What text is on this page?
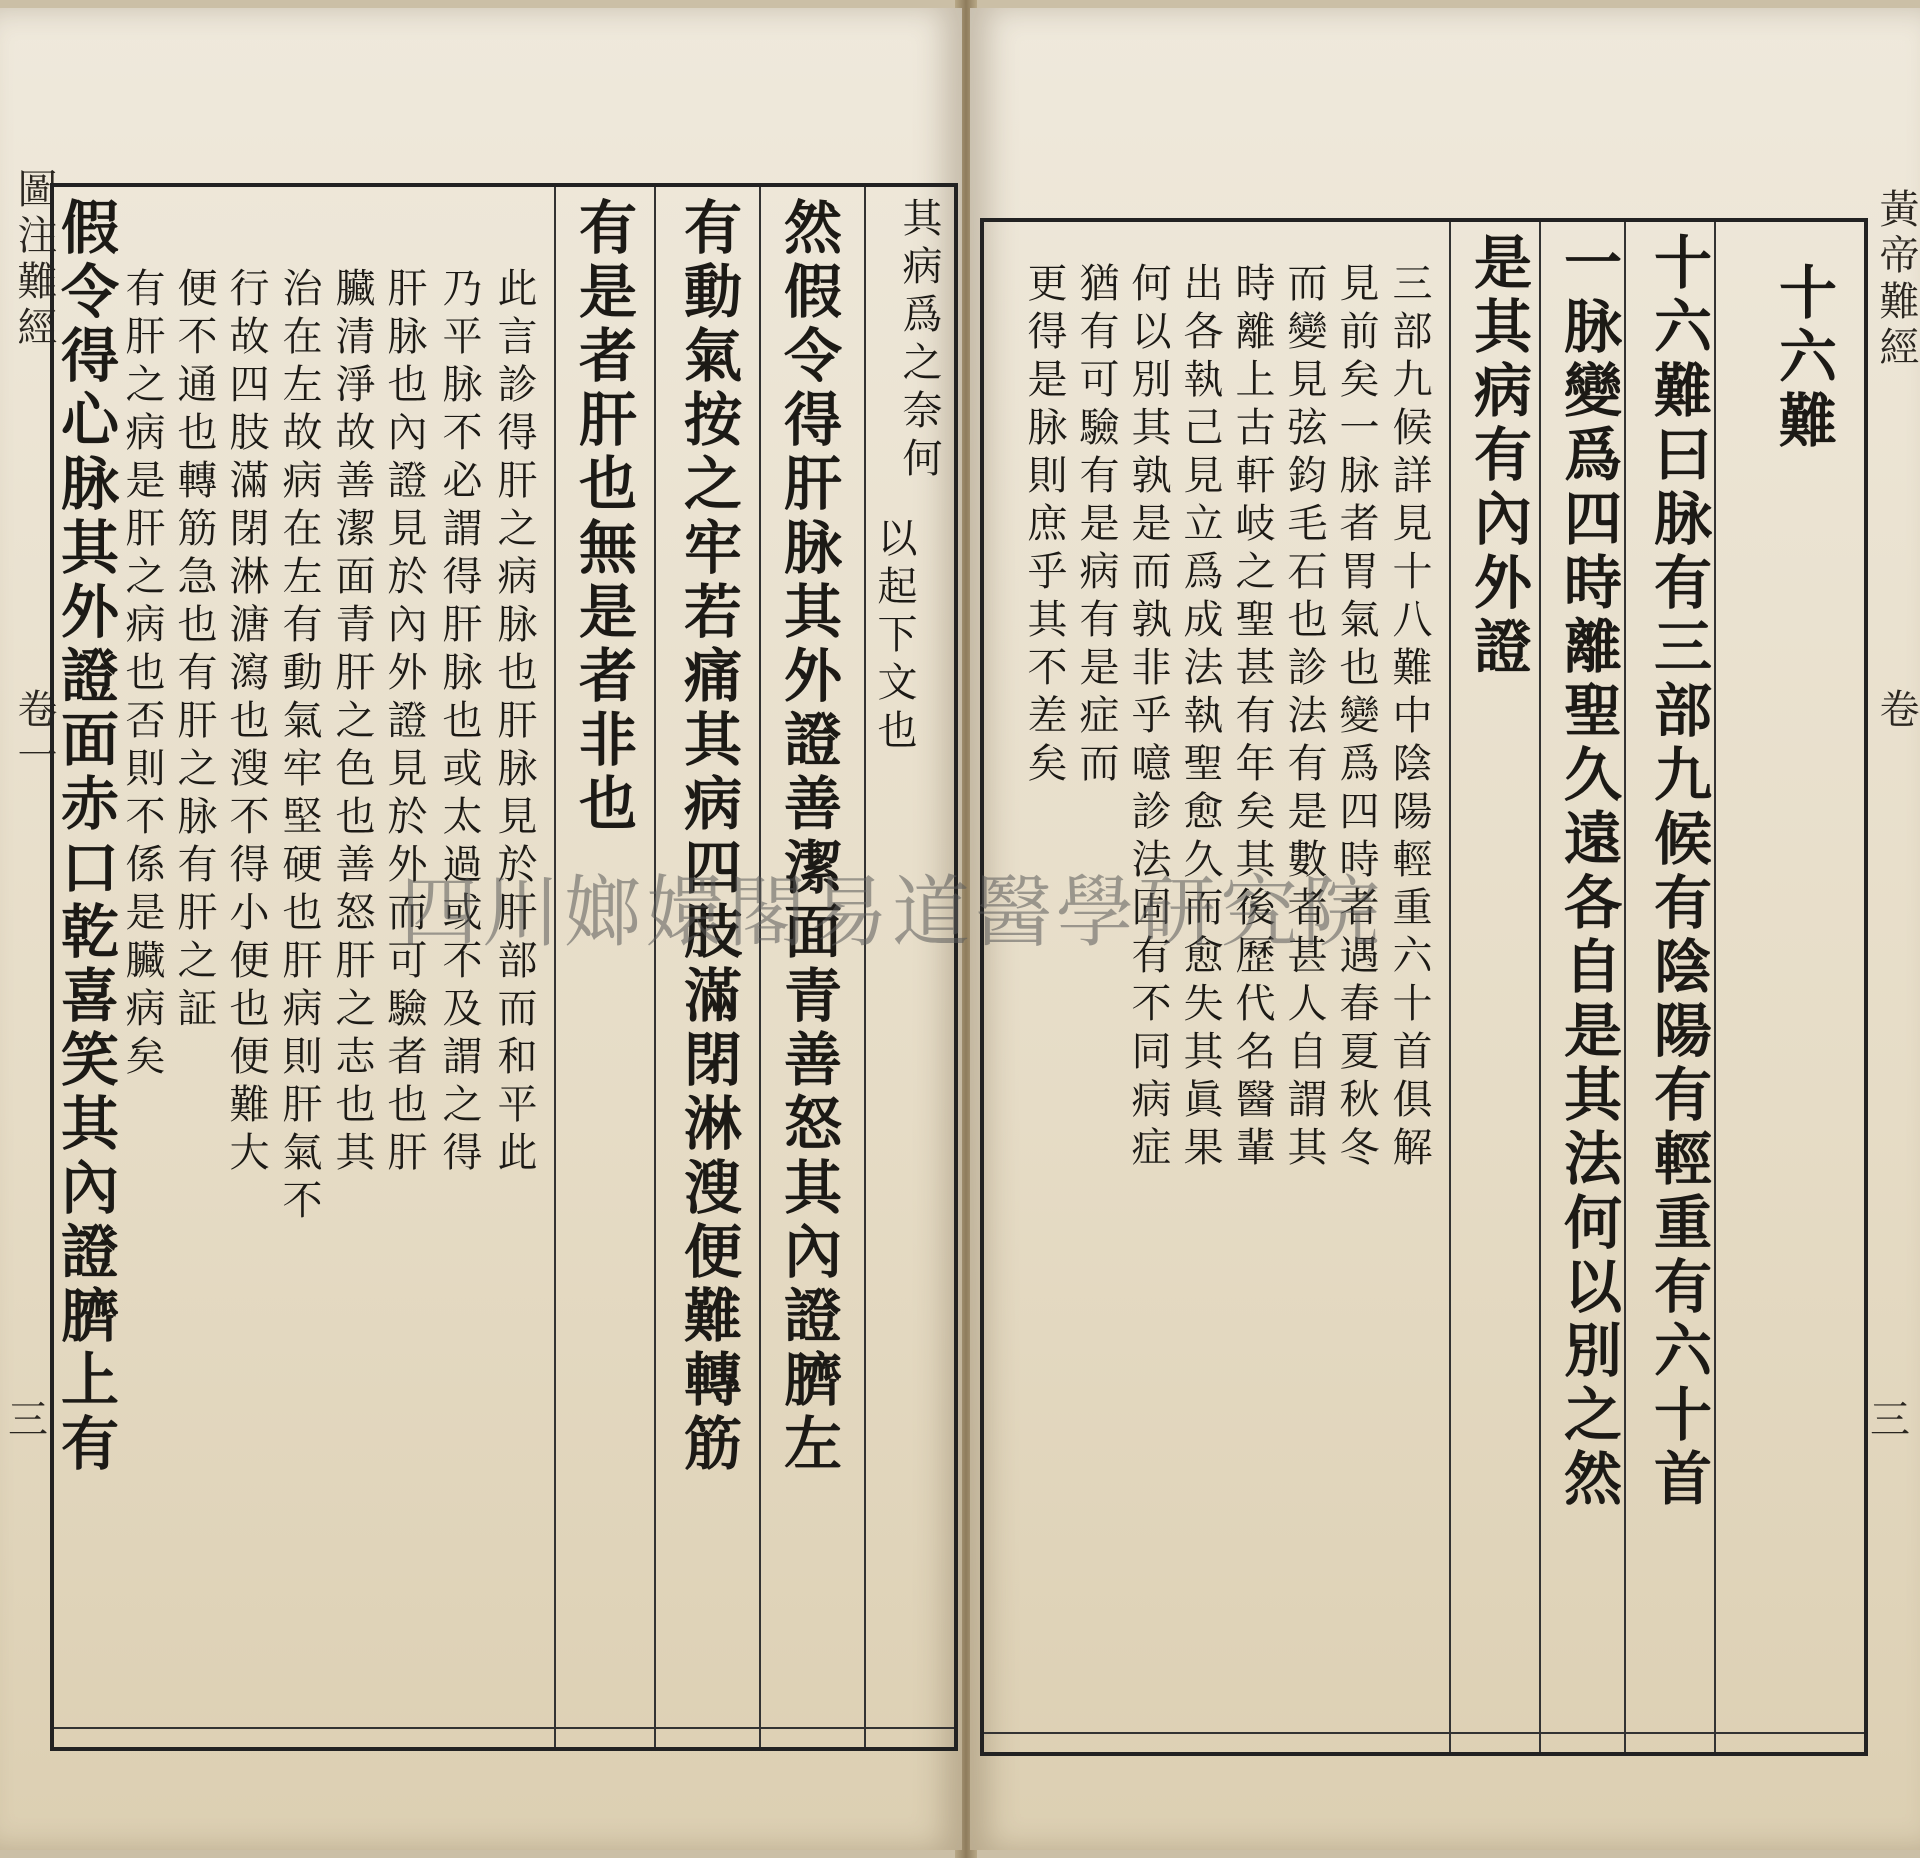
圖注難經
卷一
三
其病爲之奈何
以起下文也
然假令得肝脉其外證善潔面青善怒其內證臍左
有動氣按之牢若痛其病四肢滿閉淋溲便難轉筋
有是者肝也無是者非也
此言診得肝之病脉也肝脉見於肝部而和平此
乃平脉不必謂得肝脉也或太過或不及謂之得
肝脉也內證見於內外證見於外而可驗者也肝
臟清淨故善潔面青肝之色也善怒肝之志也其
治在左故病在左有動氣牢堅硬也肝病則肝氣不
行故四肢滿閉淋溏瀉也溲不得小便也便難大
便不通也轉筋急也有肝之脉有肝之証
有肝之病是肝之病也否則不係是臟病矣
假令得心脉其外證面赤口乾喜笑其內證臍上有	十六難
十六難曰脉有三部九候有陰陽有輕重有六十首
一脉變爲四時離聖久遠各自是其法何以別之然
是其病有內外證
三部九候詳見十八難中陰陽輕重六十首俱解
見前矣一脉者胃氣也變爲四時者遇春夏秋冬
而變見弦鈞毛石也診法有是數者甚人自謂其
時離上古軒岐之聖甚有年矣其後歷代名醫輩
出各執己見立爲成法執聖愈久而愈失其眞果
何以別其孰是而孰非乎噫診法固有不同病症
猶有可驗有是病有是症而
更得是脉則庶乎其不差矣	黃帝難經
卷
三
四川嫏嬛閣易道醫學研究院
